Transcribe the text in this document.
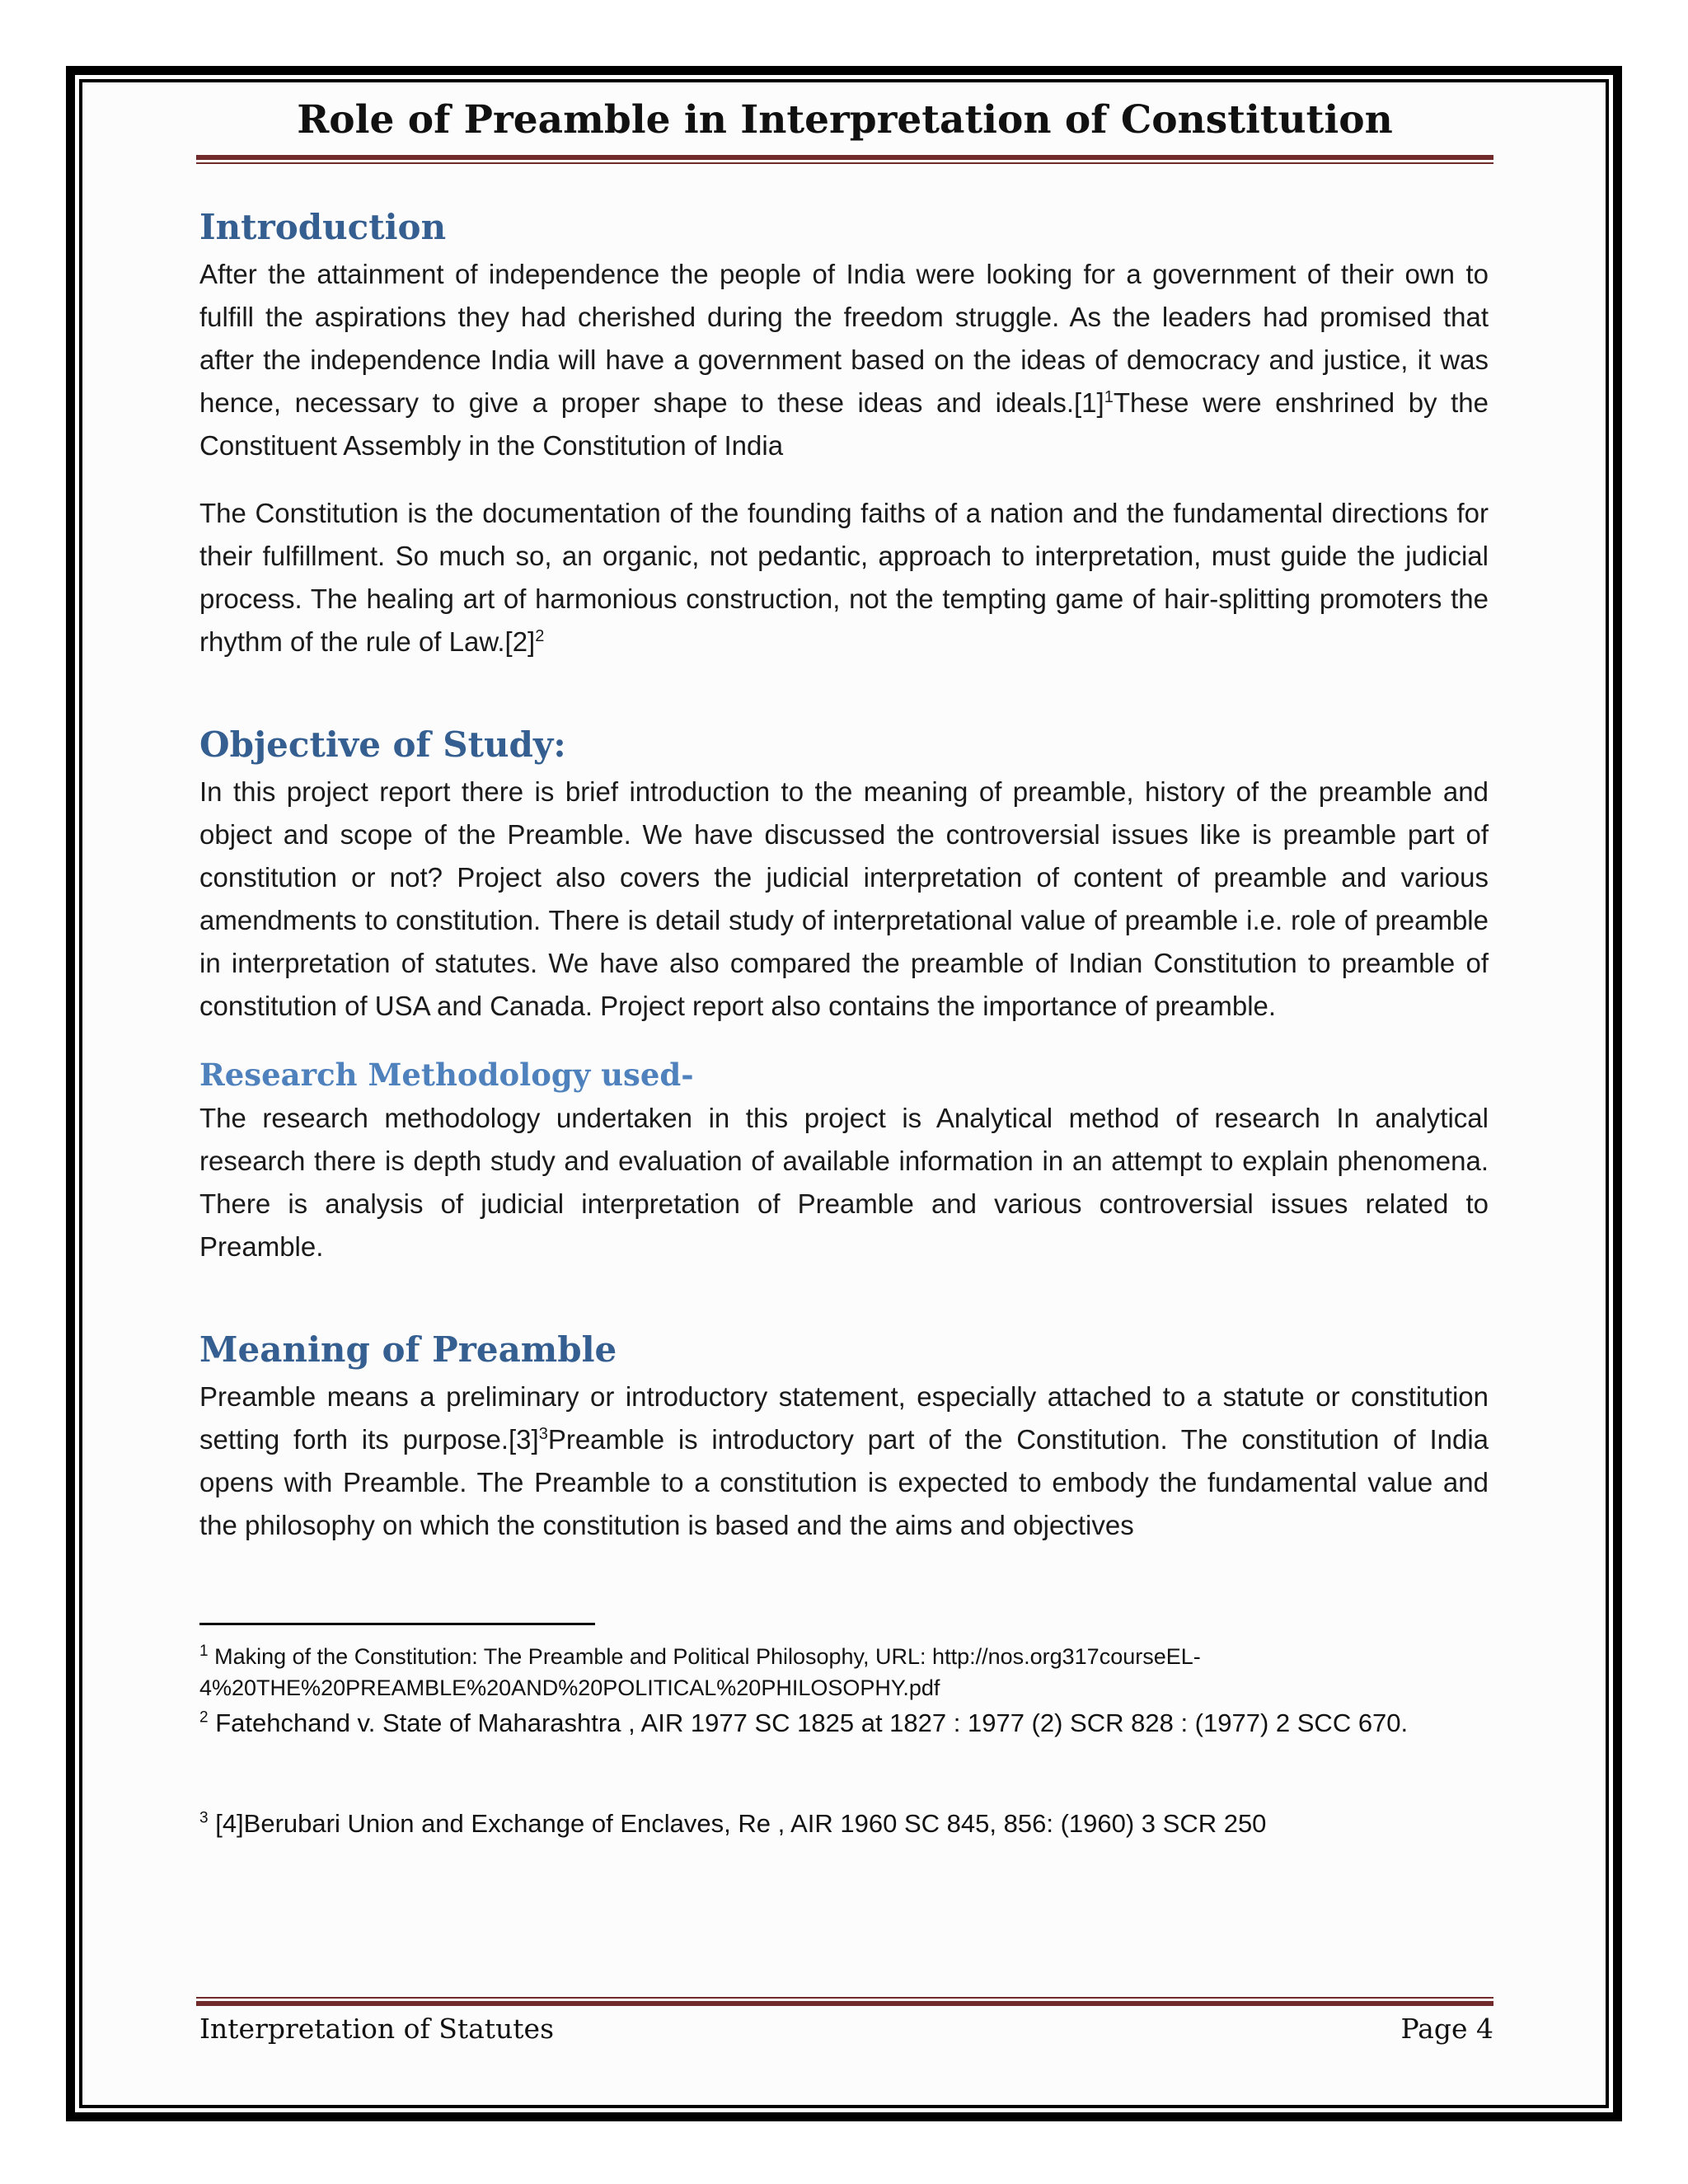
Role of Preamble in Interpretation of Constitution
Introduction

After the attainment of independence the people of India were looking for a government of their own to fulfill the aspirations they had cherished during the freedom struggle. As the leaders had promised that after the independence India will have a government based on the ideas of democracy and justice, it was hence, necessary to give a proper shape to these ideas and $ideals.[1]^1These$ were enshrined by the Constituent Assembly in the Constitution of India

The Constitution is the documentation of the founding faiths of a nation and the fundamental directions for their fulfillment. So much so, an organic, not pedantic, approach to interpretation, must guide the judicial process. The healing art of harmonious construction, not the tempting game of hair-splitting promoters the rhythm of the rule of $Law.[2]^2$

Objective of Study:

In this project report there is brief introduction to the meaning of preamble, history of the preamble and object and scope of the Preamble. We have discussed the controversial issues like is preamble part of constitution or not? Project also covers the judicial interpretation of content of preamble and various amendments to constitution. There is detail study of interpretational value of preamble i.e. role of preamble in interpretation of statutes. We have also compared the preamble of Indian Constitution to preamble of constitution of USA and Canada. Project report also contains the importance of preamble.

Research Methodology used-

The research methodology undertaken in this project is Analytical method of research In analytical research there is depth study and evaluation of available information in an attempt to explain phenomena. There is analysis of judicial interpretation of Preamble and various controversial issues related to Preamble.

Meaning of Preamble

Preamble means a preliminary or introductory statement, especially attached to a statute or constitution setting forth its $purpose.[3]^3Preamble$ is introductory part of the Constitution. The constitution of India opens with Preamble. The Preamble to a constitution is expected to embody the fundamental value and the philosophy on which the constitution is based and the aims and objectives

$^1$ Making of the Constitution: The Preamble and Political Philosophy, URL: http://nos.org317courseEL-4%20THE%20PREAMBLE%20AND%20POLITICAL%20PHILOSOPHY.pdf
$^2$ Fatehchand v. State of Maharashtra , AIR 1977 SC 1825 at 1827 : 1977 (2) SCR 828 : (1977) 2 SCC 670.
$^3$ [4]Berubari Union and Exchange of Enclaves, Re , AIR 1960 SC 845, 856: (1960) 3 SCR 250
Interpretation of Statutes	Page 4
